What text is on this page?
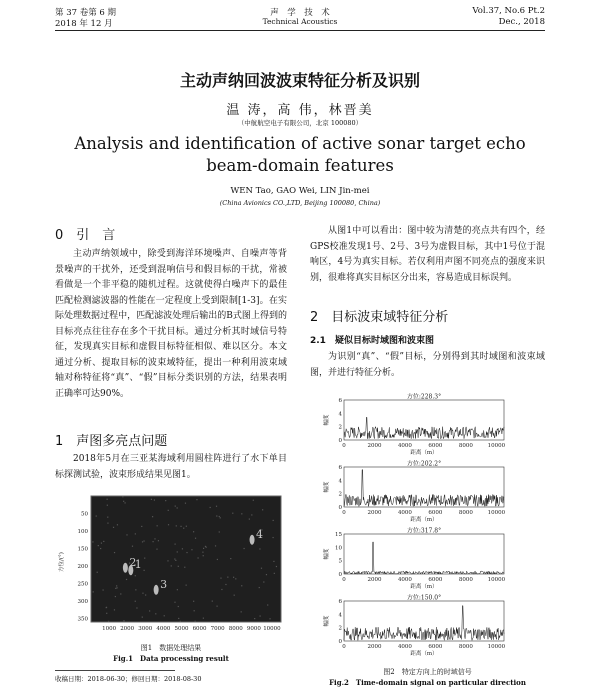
第 37 卷第 6 期
2018 年 12 月
声　学　技　术
Technical Acoustics
Vol.37, No.6 Pt.2
Dec., 2018
主动声纳回波波束特征分析及识别
温 涛，高 伟，林晋美
（中航航空电子有限公司，北京 100080）
Analysis and identification of active sonar target echo
beam-domain features
WEN Tao, GAO Wei, LIN Jin-mei
(China Avionics CO.,LTD, Beijing 100080, China)
0　引　言
主动声纳领域中，除受到海洋环境噪声、自噪声等背景噪声的干扰外，还受到混响信号和假目标的干扰，常被看做是一个非平稳的随机过程。这就使得白噪声下的最佳匹配检测滤波器的性能在一定程度上受到限制[1-3]。在实际处理数据过程中，匹配滤波处理后输出的B式图上得到的目标亮点往往存在多个干扰目标。通过分析其时域信号特征，发现真实目标和虚假目标特征相似、难以区分。本文通过分析、提取目标的波束域特征，提出一种利用波束域轴对称特征将“真”、“假”目标分类识别的方法，结果表明正确率可达90%。
1　声图多亮点问题
2018年5月在三亚某海域利用圆柱阵进行了水下单目标探测试验，波束形成结果见图1。
50
100
150
200
250
300
350
1000 2000 3000 4000 5000 6000 7000 8000 9000 10000
1
2
3
4
方位/(°)
图1　数据处理结果
Fig.1　Data processing result
收稿日期：2018-06-30；修回日期：2018-08-30
从图1中可以看出：图中较为清楚的亮点共有四个，经GPS校准发现1号、2号、3号为虚假目标，其中1号位于混响区，4号为真实目标。若仅利用声图不同亮点的强度来识别，很难将真实目标区分出来，容易造成目标误判。
2　目标波束域特征分析
2.1　疑似目标时域图和波束图
为识别“真”、“假”目标，分别得到其时域图和波束域图，并进行特征分析。
方位:228.3°
0
2
4
6
0	2000	4000	6000	8000	10000
距离（m）
幅度
方位:202.2°
0
2
4
6
0	2000	4000	6000	8000	10000
距离（m）
幅度
方位:317.8°
0
5
10
15
0	2000	4000	6000	8000	10000
距离（m）
幅度
方位:150.0°
0
2
4
6
0	2000	4000	6000	8000	10000
距离（m）
幅度
图2　特定方向上的时域信号
Fig.2　Time-domain signal on particular direction
